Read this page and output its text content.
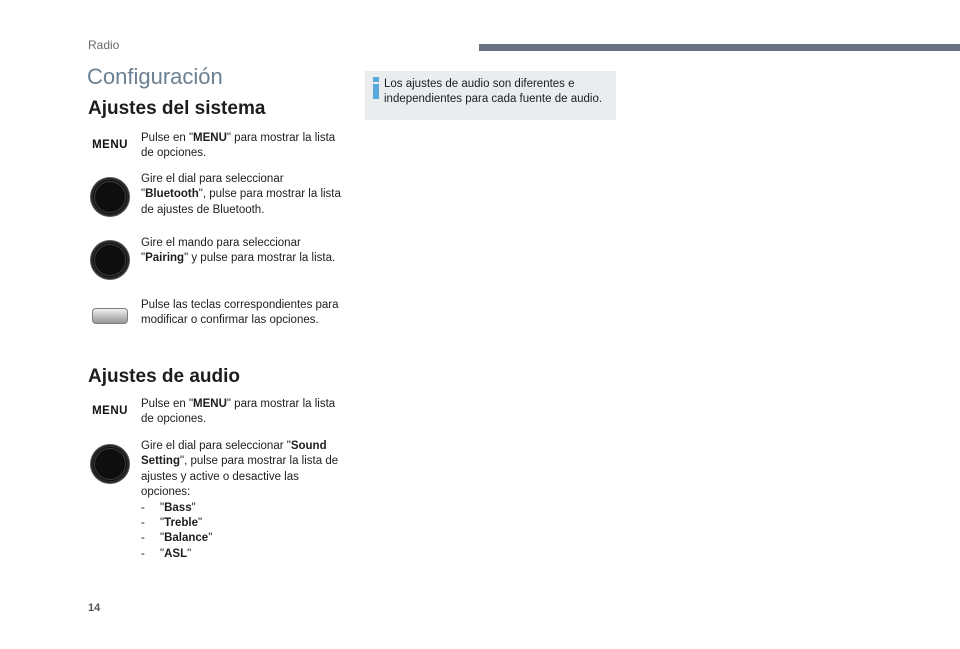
Radio
Configuración
Ajustes del sistema
MENU
Pulse en "MENU" para mostrar la lista de opciones.
Gire el dial para seleccionar "Bluetooth", pulse para mostrar la lista de ajustes de Bluetooth.
Gire el mando para seleccionar "Pairing" y pulse para mostrar la lista.
Pulse las teclas correspondientes para modificar o confirmar las opciones.
Ajustes de audio
MENU
Pulse en "MENU" para mostrar la lista de opciones.
Gire el dial para seleccionar "Sound Setting", pulse para mostrar la lista de ajustes y active o desactive las opciones:
-	" Bass "
-	" Treble "
-	" Balance "
-	" ASL "
Los ajustes de audio son diferentes e independientes para cada fuente de audio.
14
